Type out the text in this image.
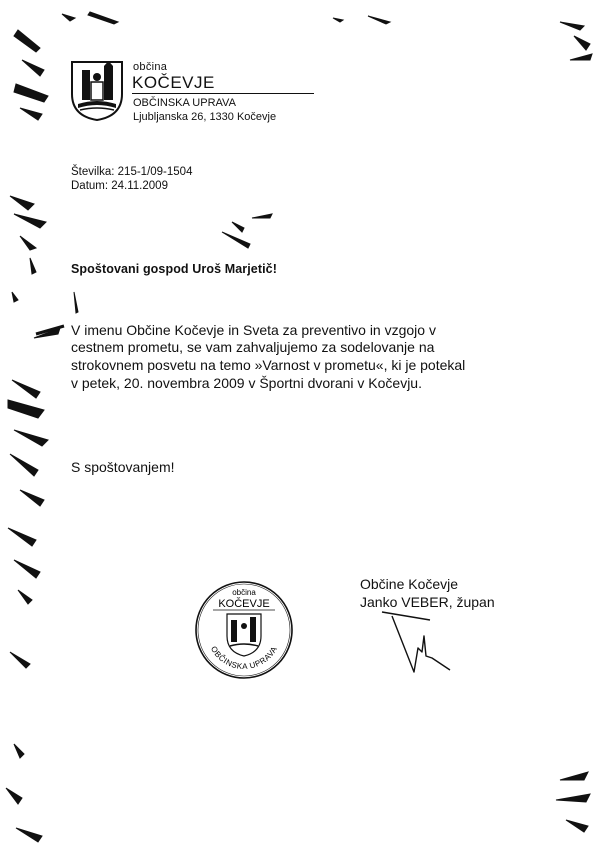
občina
KOČEVJE
OBČINSKA UPRAVA
Ljubljanska 26, 1330 Kočevje
Številka: 215-1/09-1504
Datum: 24.11.2009
Spoštovani gospod Uroš Marjetič!
V imenu Občine Kočevje in Sveta za preventivo in vzgojo v
cestnem prometu, se vam zahvaljujemo za sodelovanje na
strokovnem posvetu na temo »Varnost v prometu«, ki je potekal
v petek, 20. novembra 2009 v Športni dvorani v Kočevju.
S spoštovanjem!
Občine Kočevje
Janko VEBER, župan
občina
KOČEVJE
OBČINSKA UPRAVA
